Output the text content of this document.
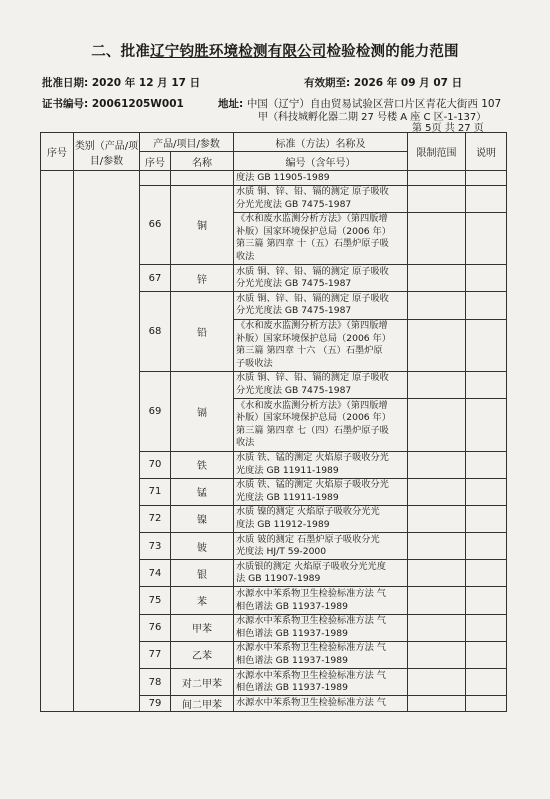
二、批准辽宁钧胜环境检测有限公司检验检测的能力范围
批准日期: 2020 年 12 月 17 日	有效期至: 2026 年 09 月 07 日
证书编号: 20061205W001	地址: 中国（辽宁）自由贸易试验区营口片区青花大街西 107
甲（科技城孵化器二期 27 号楼 A 座 C 区-1-137）
第 5页 共 27 页
序号	类别（产品/项目/参数	产品/项目/参数		标准（方法）名称及	限制范围	说明
		序号	名称	编号（含年号）		

				度法 GB 11905-1989		

		66	铜	水质 铜、锌、铅、镉的测定 原子吸收
分光光度法 GB 7475-1987		

				《水和废水监测分析方法》（第四版增
补版）国家环境保护总局（2006 年）
第三篇 第四章 十（五）石墨炉原子吸
收法		

		67	锌	水质 铜、锌、铅、镉的测定 原子吸收
分光光度法 GB 7475-1987		

		68	铅	水质 铜、锌、铅、镉的测定 原子吸收
分光光度法 GB 7475-1987		

				《水和废水监测分析方法》（第四版增
补版）国家环境保护总局（2006 年）
第三篇 第四章 十六 （五）石墨炉原
子吸收法		

		69	镉	水质 铜、锌、铅、镉的测定 原子吸收
分光光度法 GB 7475-1987		

				《水和废水监测分析方法》（第四版增
补版）国家环境保护总局（2006 年）
第三篇 第四章 七（四）石墨炉原子吸
收法		

		70	铁	水质 铁、锰的测定 火焰原子吸收分光
光度法 GB 11911-1989		

		71	锰	水质 铁、锰的测定 火焰原子吸收分光
光度法 GB 11911-1989		

		72	镍	水质 镍的测定 火焰原子吸收分光光
度法 GB 11912-1989		

		73	铍	水质 铍的测定 石墨炉原子吸收分光
光度法 HJ/T 59-2000		

		74	银	水质银的测定 火焰原子吸收分光光度
法 GB 11907-1989		

		75	苯	水源水中苯系物卫生检验标准方法 气
相色谱法 GB 11937-1989		

		76	甲苯	水源水中苯系物卫生检验标准方法 气
相色谱法 GB 11937-1989		

		77	乙苯	水源水中苯系物卫生检验标准方法 气
相色谱法 GB 11937-1989		

		78	对二甲苯	水源水中苯系物卫生检验标准方法 气
相色谱法 GB 11937-1989		

		79	间二甲苯	水源水中苯系物卫生检验标准方法 气		
